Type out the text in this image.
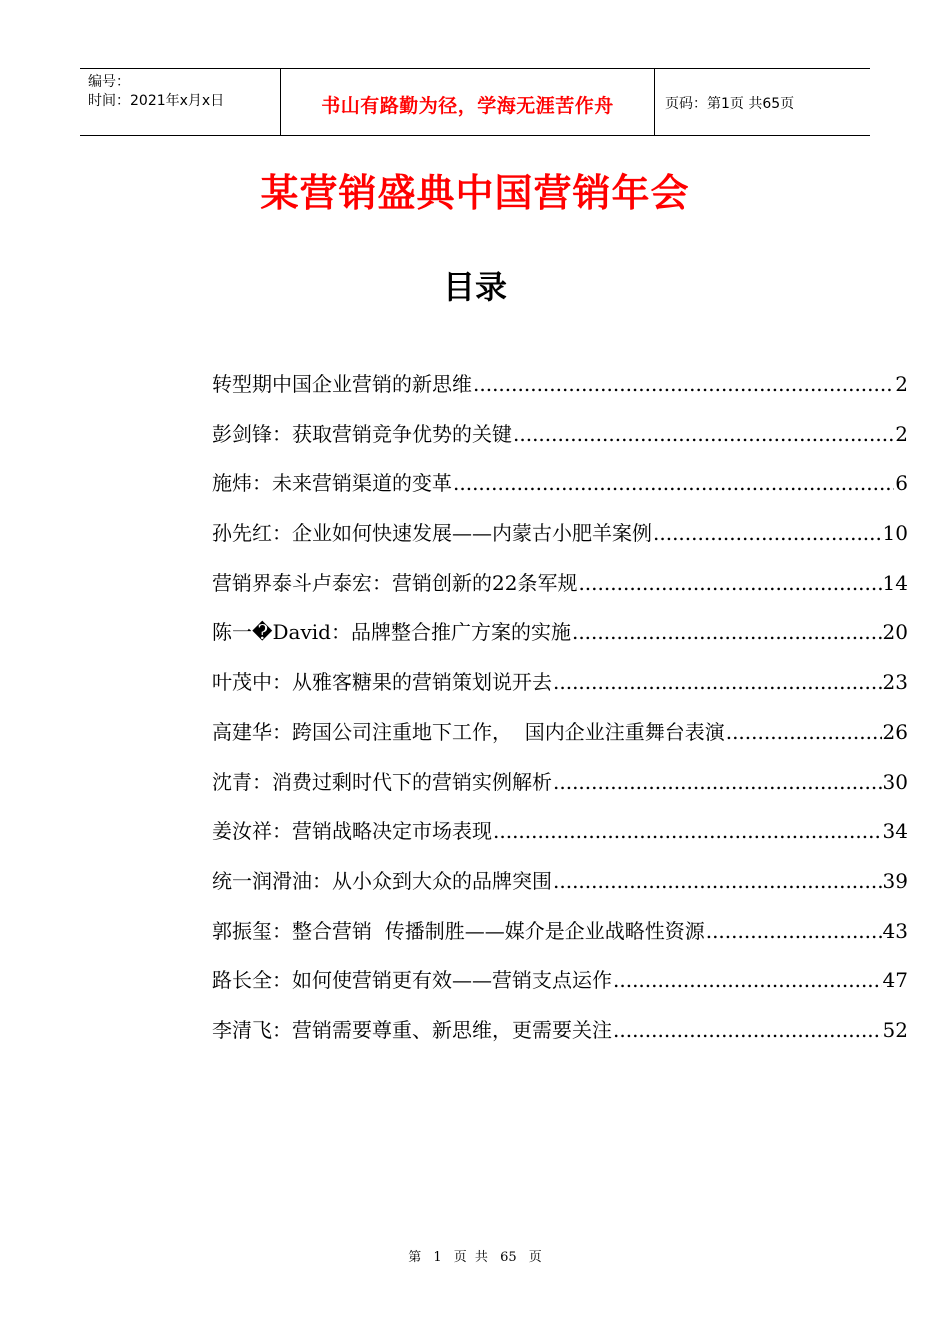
编号：
时间：2021年x月x日	书山有路勤为径，学海无涯苦作舟	页码：第1页 共65页
某营销盛典中国营销年会
目录
转型期中国企业营销的新思维 .....	2
彭剑锋：获取营销竞争优势的关键 .....	2
施炜：未来营销渠道的变革 .....	6
孙先红：企业如何快速发展——内蒙古小肥羊案例 .....	10
营销界泰斗卢泰宏：营销创新的22条军规 .....	14
陈一�David：品牌整合推广方案的实施 .....	20
叶茂中：从雅客糖果的营销策划说开去 .....	23
高建华：跨国公司注重地下工作，  国内企业注重舞台表演 .....	26
沈青：消费过剩时代下的营销实例解析 .....	30
姜汝祥：营销战略决定市场表现 .....	34
统一润滑油：从小众到大众的品牌突围 .....	39
郭振玺：整合营销  传播制胜——媒介是企业战略性资源 .....	43
路长全：如何使营销更有效——营销支点运作 .....	47
李清飞：营销需要尊重、新思维，更需要关注 .....	52
第 1 页 共 65 页
